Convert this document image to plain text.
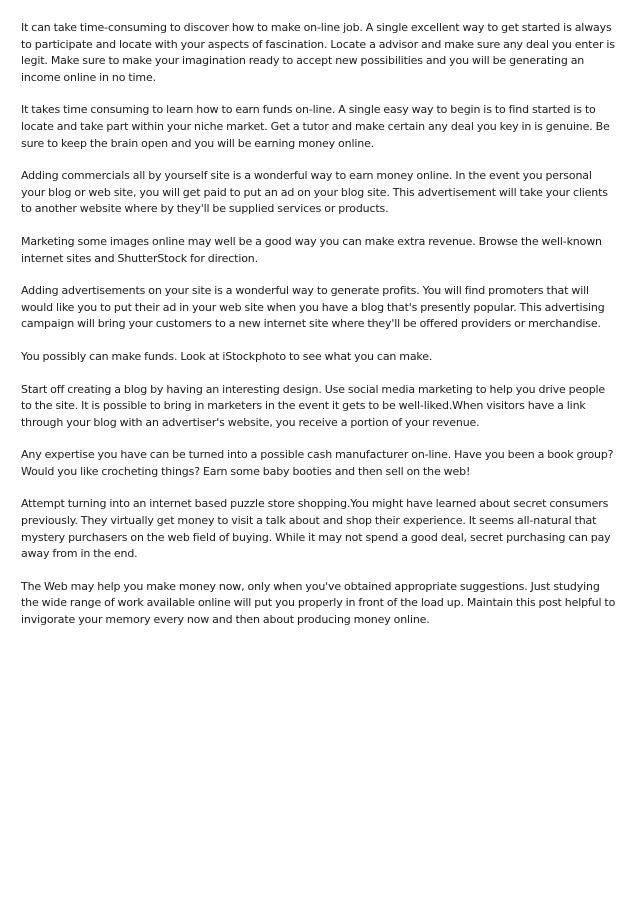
It can take time-consuming to discover how to make on-line job. A single excellent way to get started is always to participate and locate with your aspects of fascination. Locate a advisor and make sure any deal you enter is legit. Make sure to make your imagination ready to accept new possibilities and you will be generating an income online in no time.

It takes time consuming to learn how to earn funds on-line. A single easy way to begin is to find started is to locate and take part within your niche market. Get a tutor and make certain any deal you key in is genuine. Be sure to keep the brain open and you will be earning money online.

Adding commercials all by yourself site is a wonderful way to earn money online. In the event you personal your blog or web site, you will get paid to put an ad on your blog site. This advertisement will take your clients to another website where by they'll be supplied services or products.

Marketing some images online may well be a good way you can make extra revenue. Browse the well-known internet sites and ShutterStock for direction.

Adding advertisements on your site is a wonderful way to generate profits. You will find promoters that will would like you to put their ad in your web site when you have a blog that's presently popular. This advertising campaign will bring your customers to a new internet site where they'll be offered providers or merchandise.

You possibly can make funds. Look at iStockphoto to see what you can make.

Start off creating a blog by having an interesting design. Use social media marketing to help you drive people to the site. It is possible to bring in marketers in the event it gets to be well-liked.When visitors have a link through your blog with an advertiser's website, you receive a portion of your revenue.

Any expertise you have can be turned into a possible cash manufacturer on-line. Have you been a book group? Would you like crocheting things? Earn some baby booties and then sell on the web!

Attempt turning into an internet based puzzle store shopping.You might have learned about secret consumers previously. They virtually get money to visit a talk about and shop their experience. It seems all-natural that mystery purchasers on the web field of buying. While it may not spend a good deal, secret purchasing can pay away from in the end.

The Web may help you make money now, only when you've obtained appropriate suggestions. Just studying the wide range of work available online will put you properly in front of the load up. Maintain this post helpful to invigorate your memory every now and then about producing money online.
